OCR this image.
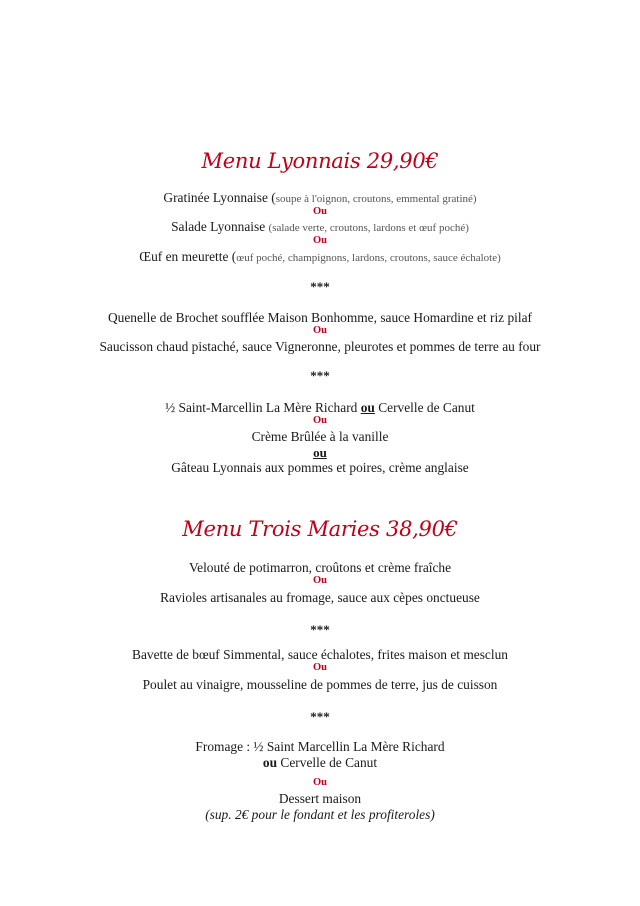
Menu Lyonnais 29,90€
Gratinée Lyonnaise (soupe à l'oignon, croutons, emmental gratiné)
Ou
Salade Lyonnaise (salade verte, croutons, lardons et œuf poché)
Ou
Œuf en meurette (œuf poché, champignons, lardons, croutons, sauce échalote)
***
Quenelle de Brochet soufflée Maison Bonhomme, sauce Homardine et riz pilaf
Ou
Saucisson chaud pistaché, sauce Vigneronne, pleurotes et pommes de terre au four
***
½ Saint-Marcellin La Mère Richard ou Cervelle de Canut
Ou
Crème Brûlée à la vanille
ou
Gâteau Lyonnais aux pommes et poires, crème anglaise
Menu Trois Maries 38,90€
Velouté de potimarron, croûtons et crème fraîche
Ou
Ravioles artisanales au fromage, sauce aux cèpes onctueuse
***
Bavette de bœuf Simmental, sauce échalotes, frites maison et mesclun
Ou
Poulet au vinaigre, mousseline de pommes de terre, jus de cuisson
***
Fromage : ½ Saint Marcellin La Mère Richard
ou Cervelle de Canut
Ou
Dessert maison
(sup. 2€ pour le fondant et les profiteroles)
